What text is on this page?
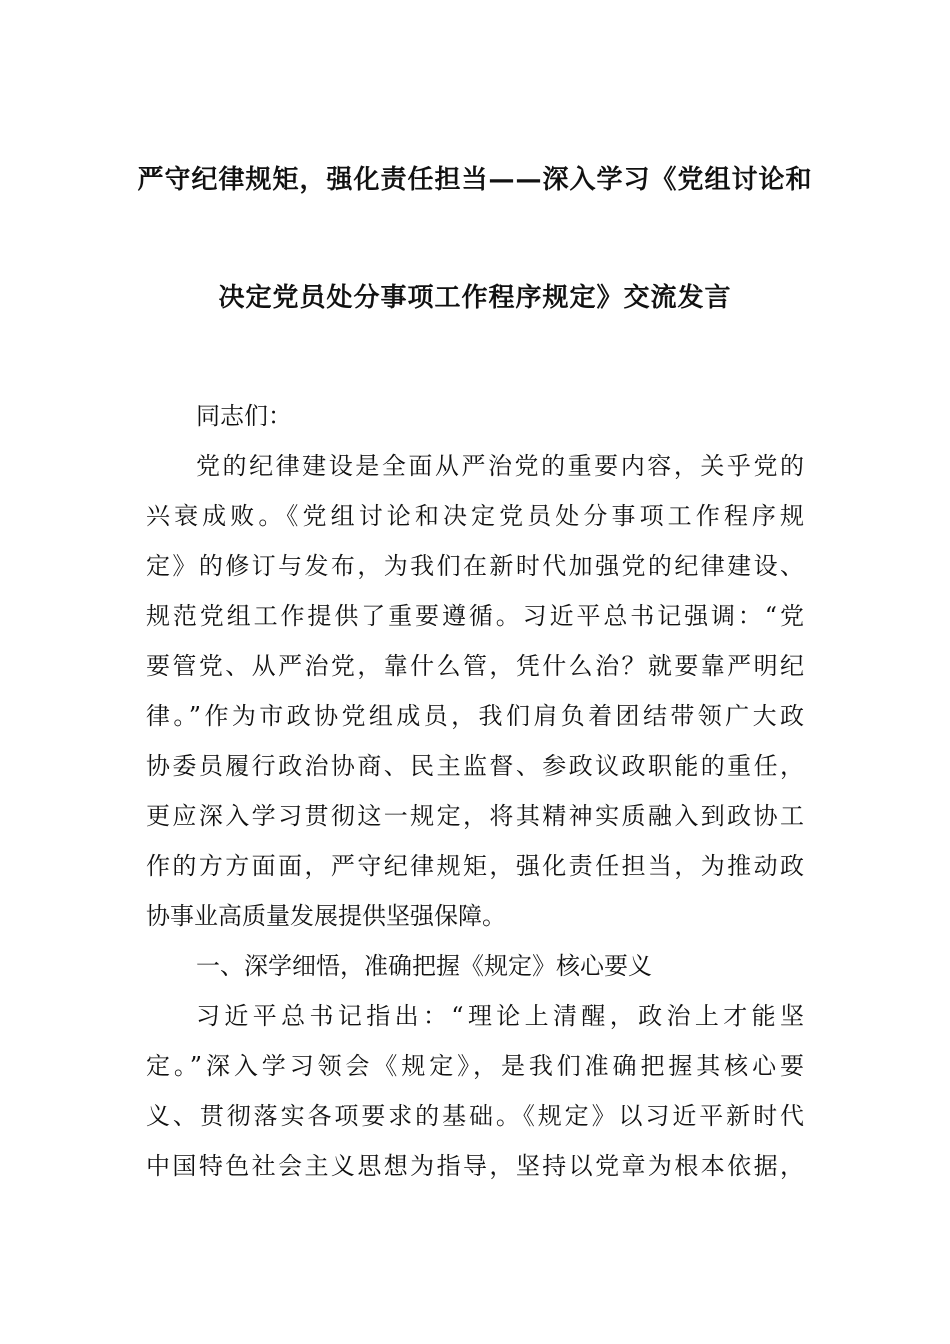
严守纪律规矩，强化责任担当——深入学习《党组讨论和
决定党员处分事项工作程序规定》交流发言
同志们：
党的纪律建设是全面从严治党的重要内容，关乎党的
兴衰成败。《党组讨论和决定党员处分事项工作程序规
定》的修订与发布，为我们在新时代加强党的纪律建设、
规范党组工作提供了重要遵循。习近平总书记强调：“党
要管党、从严治党，靠什么管，凭什么治？就要靠严明纪
律。”作为市政协党组成员，我们肩负着团结带领广大政
协委员履行政治协商、民主监督、参政议政职能的重任，
更应深入学习贯彻这一规定，将其精神实质融入到政协工
作的方方面面，严守纪律规矩，强化责任担当，为推动政
协事业高质量发展提供坚强保障。
一、深学细悟，准确把握《规定》核心要义
习近平总书记指出：“理论上清醒，政治上才能坚
定。”深入学习领会《规定》，是我们准确把握其核心要
义、贯彻落实各项要求的基础。《规定》以习近平新时代
中国特色社会主义思想为指导，坚持以党章为根本依据，
